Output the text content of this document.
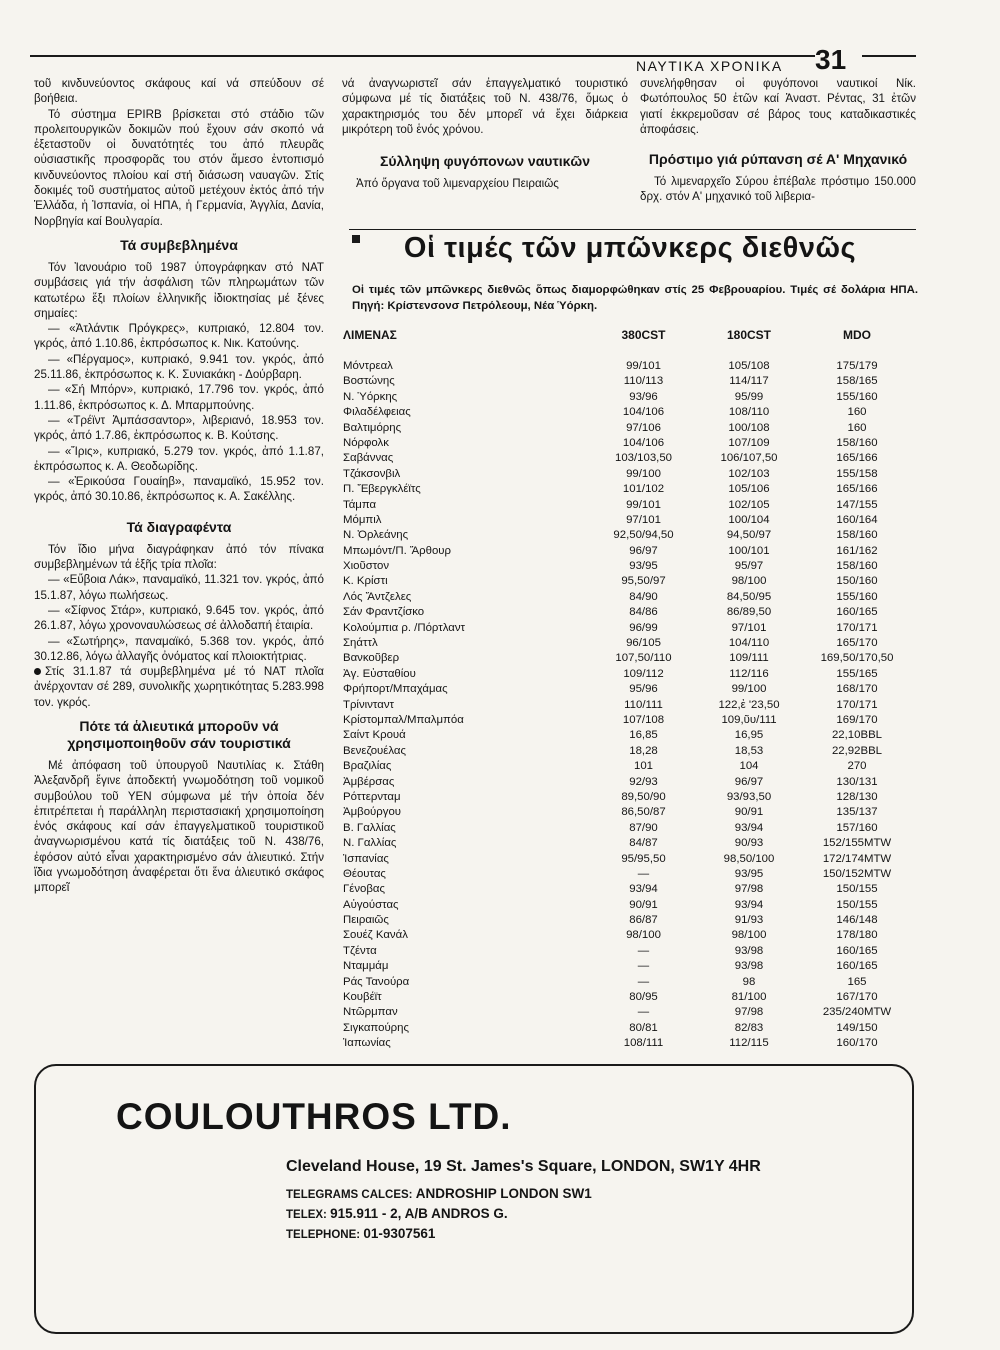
ΝΑΥΤΙΚΑ ΧΡΟΝΙΚΑ 31

τοῦ κινδυνεύοντος σκάφους καί νά σπεύδουν σέ βοήθεια.

Τό σύστημα EPIRB βρίσκεται στό στάδιο τῶν προλειτουργικῶν δοκιμῶν πού ἔχουν σάν σκοπό νά ἐξεταστοῦν οἱ δυνατότητές του ἀπό πλευρᾶς οὐσιαστικῆς προσφορᾶς του στόν ἄμεσο ἐντοπισμό κινδυνεύοντος πλοίου καί στή διάσωση ναυαγῶν. Στίς δοκιμές τοῦ συστήματος αὐτοῦ μετέχουν ἐκτός ἀπό τήν Ἑλλάδα, ἡ Ἰσπανία, οἱ ΗΠΑ, ἡ Γερμανία, Ἀγγλία, Δανία, Νορβηγία καί Βουλγαρία.

Τά συμβεβλημένα

Τόν Ἰανουάριο τοῦ 1987 ὑπογράφηκαν στό ΝΑΤ συμβάσεις γιά τήν ἀσφάλιση τῶν πληρωμάτων τῶν κατωτέρω ἕξι πλοίων ἑλληνικῆς ἰδιοκτησίας μέ ξένες σημαίες:

— «Ἀτλάντικ Πρόγκρες», κυπριακό, 12.804 τον. γκρός, ἀπό 1.10.86, ἐκπρόσωπος κ. Νικ. Κατούνης.

— «Πέργαμος», κυπριακό, 9.941 τον. γκρός, ἀπό 25.11.86, ἐκπρόσωπος κ. Κ. Συνιακάκη - Δούρβαρη.

— «Σή Μπόρν», κυπριακό, 17.796 τον. γκρός, ἀπό 1.11.86, ἐκπρόσωπος κ. Δ. Μπαρμπούνης.

— «Τρέϊντ Ἀμπάσσαντορ», λιβεριανό, 18.953 τον. γκρός, ἀπό 1.7.86, ἐκπρόσωπος κ. Β. Κούτσης.

— «Ἴρις», κυπριακό, 5.279 τον. γκρός, ἀπό 1.1.87, ἐκπρόσωπος κ. Α. Θεοδωρίδης.

— «Ἐρικούσα Γουαίηβ», παναμαϊκό, 15.952 τον. γκρός, ἀπό 30.10.86, ἐκπρόσωπος κ. Α. Σακέλλης.

Τά διαγραφέντα

Τόν ἴδιο μήνα διαγράφηκαν ἀπό τόν πίνακα συμβεβλημένων τά ἑξῆς τρία πλοῖα:

— «Εὔβοια Λάκ», παναμαϊκό, 11.321 τον. γκρός, ἀπό 15.1.87, λόγω πωλήσεως.

— «Σίφνος Στάρ», κυπριακό, 9.645 τον. γκρός, ἀπό 26.1.87, λόγω χρονοναυλώσεως σέ ἀλλοδαπή ἑταιρία.

— «Σωτήρης», παναμαϊκό, 5.368 τον. γκρός, ἀπό 30.12.86, λόγω ἀλλαγῆς ὀνόματος καί πλοιοκτήτριας.

Στίς 31.1.87 τά συμβεβλημένα μέ τό ΝΑΤ πλοῖα ἀνέρχονταν σέ 289, συνολικῆς χωρητικότητας 5.283.998 τον. γκρός.

Πότε τά ἁλιευτικά μποροῦν νά χρησιμοποιηθοῦν σάν τουριστικά

Μέ ἀπόφαση τοῦ ὑπουργοῦ Ναυτιλίας κ. Στάθη Ἀλεξανδρῆ ἔγινε ἀποδεκτή γνωμοδότηση τοῦ νομικοῦ συμβούλου τοῦ ΥΕΝ σύμφωνα μέ τήν ὁποία δέν ἐπιτρέπεται ἡ παράλληλη περιστασιακή χρησιμοποίηση ἑνός σκάφους καί σάν ἐπαγγελματικοῦ τουριστικοῦ ἀναγνωρισμένου κατά τίς διατάξεις τοῦ Ν. 438/76, ἐφόσον αὐτό εἶναι χαρακτηρισμένο σάν ἁλιευτικό. Στήν ἴδια γνωμοδότηση ἀναφέρεται ὅτι ἕνα ἁλιευτικό σκάφος μπορεῖ

νά ἀναγνωριστεῖ σάν ἐπαγγελματικό τουριστικό σύμφωνα μέ τίς διατάξεις τοῦ Ν. 438/76, ὅμως ὁ χαρακτηρισμός του δέν μπορεῖ νά ἔχει διάρκεια μικρότερη τοῦ ἑνός χρόνου.

Σύλληψη φυγόπονων ναυτικῶν

Ἀπό ὄργανα τοῦ λιμεναρχείου Πειραιῶς

συνελήφθησαν οἱ φυγόπονοι ναυτικοί Νίκ. Φωτόπουλος 50 ἐτῶν καί Ἀναστ. Ρέντας, 31 ἐτῶν γιατί ἐκκρεμοῦσαν σέ βάρος τους καταδικαστικές ἀποφάσεις.

Πρόστιμο γιά ρύπανση σέ Α' Μηχανικό

Τό λιμεναρχεῖο Σύρου ἐπέβαλε πρόστιμο 150.000 δρχ. στόν Α' μηχανικό τοῦ λιβερια-

Οἱ τιμές τῶν μπῶνκερς διεθνῶς
Οἱ τιμές τῶν μπῶνκερς διεθνῶς ὅπως διαμορφώθηκαν στίς 25 Φεβρουαρίου. Τιμές σέ δολάρια ΗΠΑ. Πηγή: Κρίστενσονσ Πετρόλεουμ, Νέα Ὑόρκη.
ΛΙΜΕΝΑΣ	380CST	180CST	MDO
Μόντρεαλ	99/101	105/108	175/179
Βοστώνης	110/113	114/117	158/165
Ν. Ὑόρκης	93/96	95/99	155/160
Φιλαδέλφειας	104/106	108/110	160
Βαλτιμόρης	97/106	100/108	160
Νόρφολκ	104/106	107/109	158/160
Σαβάννας	103/103,50	106/107,50	165/166
Τζάκσονβιλ	99/100	102/103	155/158
Π. Ἔβεργκλέϊτς	101/102	105/106	165/166
Τάμπα	99/101	102/105	147/155
Μόμπιλ	97/101	100/104	160/164
Ν. Ὀρλεάνης	92,50/94,50	94,50/97	158/160
Μπωμόντ/Π. Ἄρθουρ	96/97	100/101	161/162
Χιοῦστον	93/95	95/97	158/160
Κ. Κρίστι	95,50/97	98/100	150/160
Λός Ἄντζελες	84/90	84,50/95	155/160
Σάν Φραντζίσκο	84/86	86/89,50	160/165
Κολούμπια ρ. /Πόρτλαντ	96/99	97/101	170/171
Σηάττλ	96/105	104/110	165/170
Βανκοῦβερ	107,50/110	109/111	169,50/170,50
Ἁγ. Εὐσταθίου	109/112	112/116	155/165
Φρήπορτ/Μπαχάμας	95/96	99/100	168/170
Τρίνινταντ	110/111	122,ἐ '23,50	170/171
Κρίστομπαλ/Μπαλμπόα	107/108	109,ῦυ/111	169/170
Σαίντ Κρουά	16,85	16,95	22,10BBL
Βενεζουέλας	18,28	18,53	22,92BBL
Βραζιλίας	101	104	270
Ἀμβέρσας	92/93	96/97	130/131
Ρόττερνταμ	89,50/90	93/93,50	128/130
Ἀμβούργου	86,50/87	90/91	135/137
Β. Γαλλίας	87/90	93/94	157/160
Ν. Γαλλίας	84/87	90/93	152/155MTW
Ἰσπανίας	95/95,50	98,50/100	172/174MTW
Θέουτας	—	93/95	150/152MTW
Γένοβας	93/94	97/98	150/155
Αὐγούστας	90/91	93/94	150/155
Πειραιῶς	86/87	91/93	146/148
Σουέζ Κανάλ	98/100	98/100	178/180
Τζέντα	—	93/98	160/165
Νταμμάμ	—	93/98	160/165
Ράς Τανούρα	—	98	165
Κουβέϊτ	80/95	81/100	167/170
Ντῶρμπαν	—	97/98	235/240MTW
Σιγκαπούρης	80/81	82/83	149/150
Ἰαπωνίας	108/111	112/115	160/170
COULOUTHROS LTD.
Cleveland House, 19 St. James's Square, LONDON, SW1Y 4HR
TELEGRAMS CALCES: ANDROSHIP LONDON SW1
TELEX: 915.911 - 2, A/B ANDROS G.
TELEPHONE: 01-9307561
